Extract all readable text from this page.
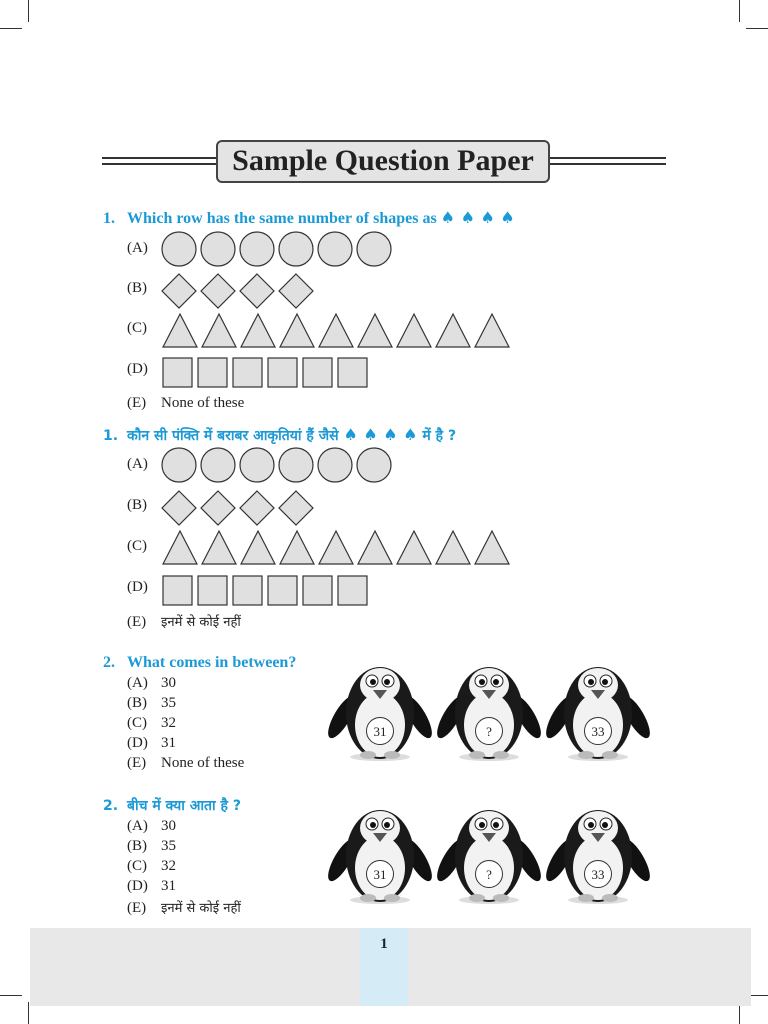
Sample Question Paper
1. Which row has the same number of shapes as ♠ ♠ ♠ ♠
(A)
(B)
(C)
(D)
(E) None of these
1. कौन सी पंक्ति में बराबर आकृतियां हैं जैसे ♠ ♠ ♠ ♠ में है ?
(A)
(B)
(C)
(D)
(E) इनमें से कोई नहीं
2. What comes in between?
(A) 30
(B) 35
(C) 32
(D) 31
(E) None of these
31	?	33
2. बीच में क्या आता है ?
(A) 30
(B) 35
(C) 32
(D) 31
(E) इनमें से कोई नहीं
31	?	33
1
